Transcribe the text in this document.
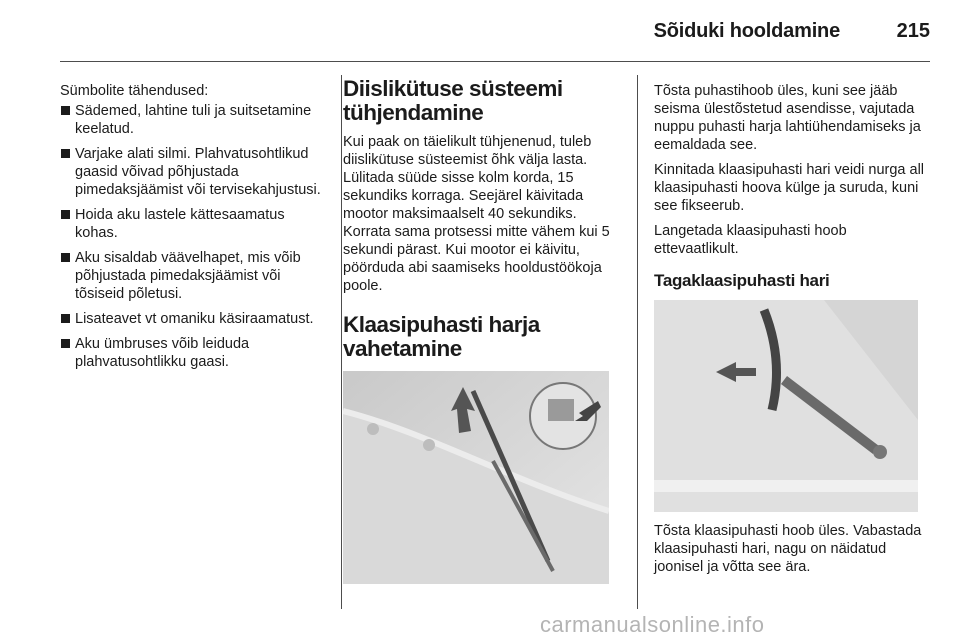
Sõiduki hooldamine	215

Sümbolite tähendused:

Sädemed, lahtine tuli ja suitsetamine keelatud.
Varjake alati silmi. Plahvatusohtlikud gaasid võivad põhjustada pimedaksjäämist või tervisekahjustusi.
Hoida aku lastele kättesaamatus kohas.
Aku sisaldab väävelhapet, mis võib põhjustada pimedaksjäämist või tõsiseid põletusi.
Lisateavet vt omaniku käsiraamatust.
Aku ümbruses võib leiduda plahvatusohtlikku gaasi.
Diislikütuse süsteemi tühjendamine

Kui paak on täielikult tühjenenud, tuleb diislikütuse süsteemist õhk välja lasta. Lülitada süüde sisse kolm korda, 15 sekundiks korraga. Seejärel käivitada mootor maksimaalselt 40 sekundiks. Korrata sama protsessi mitte vähem kui 5 sekundi pärast. Kui mootor ei käivitu, pöörduda abi saamiseks hooldustöökoja poole.

Klaasipuhasti harja vahetamine

Tõsta puhastihoob üles, kuni see jääb seisma ülestõstetud asendisse, vajutada nuppu puhasti harja lahtiühendamiseks ja eemaldada see.

Kinnitada klaasipuhasti hari veidi nurga all klaasipuhasti hoova külge ja suruda, kuni see fikseerub.

Langetada klaasipuhasti hoob ettevaatlikult.

Tagaklaasipuhasti hari

Tõsta klaasipuhasti hoob üles. Vabastada klaasipuhasti hari, nagu on näidatud joonisel ja võtta see ära.

carmanualsonline.info
